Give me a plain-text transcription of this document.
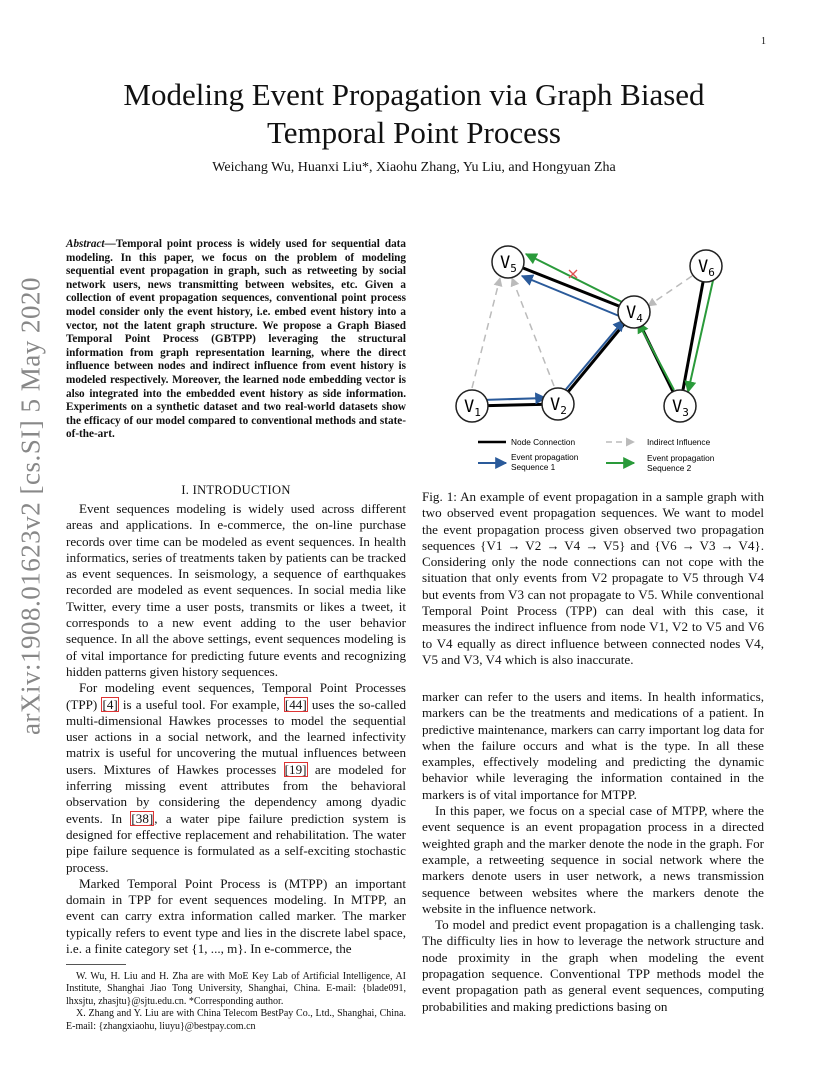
1
arXiv:1908.01623v2 [cs.SI] 5 May 2020
Modeling Event Propagation via Graph Biased
Temporal Point Process
Weichang Wu, Huanxi Liu*, Xiaohu Zhang, Yu Liu, and Hongyuan Zha
Abstract—Temporal point process is widely used for sequential data modeling. In this paper, we focus on the problem of modeling sequential event propagation in graph, such as retweeting by social network users, news transmitting between websites, etc. Given a collection of event propagation sequences, conventional point process model consider only the event history, i.e. embed event history into a vector, not the latent graph structure. We propose a Graph Biased Temporal Point Process (GBTPP) leveraging the structural information from graph representation learning, where the direct influence between nodes and indirect influence from event history is modeled respectively. Moreover, the learned node embedding vector is also integrated into the embedded event history as side information. Experiments on a synthetic dataset and two real-world datasets show the efficacy of our model compared to conventional methods and state-of-the-art.
I. INTRODUCTION

Event sequences modeling is widely used across different areas and applications. In e-commerce, the on-line purchase records over time can be modeled as event sequences. In health informatics, series of treatments taken by patients can be tracked as event sequences. In seismology, a sequence of earthquakes recorded are modeled as event sequences. In social media like Twitter, every time a user posts, transmits or likes a tweet, it corresponds to a new event adding to the user behavior sequence. In all the above settings, event sequences modeling is of vital importance for predicting future events and recognizing hidden patterns given history sequences.

For modeling event sequences, Temporal Point Processes (TPP) [4] is a useful tool. For example, [44] uses the so-called multi-dimensional Hawkes processes to model the sequential user actions in a social network, and the learned infectivity matrix is useful for uncovering the mutual influences between users. Mixtures of Hawkes processes [19] are modeled for inferring missing event attributes from the behavioral observation by considering the dependency among dyadic events. In [38], a water pipe failure prediction system is designed for effective replacement and rehabilitation. The water pipe failure sequence is formulated as a self-exciting stochastic process.

Marked Temporal Point Process is (MTPP) an important domain in TPP for event sequences modeling. In MTPP, an event can carry extra information called marker. The marker typically refers to event type and lies in the discrete label space, i.e. a finite category set {1, ..., m}. In e-commerce, the

W. Wu, H. Liu and H. Zha are with MoE Key Lab of Artificial Intelligence, AI Institute, Shanghai Jiao Tong University, Shanghai, China. E-mail: {blade091, lhxsjtu, zhasjtu}@sjtu.edu.cn. *Corresponding author.

X. Zhang and Y. Liu are with China Telecom BestPay Co., Ltd., Shanghai, China. E-mail: {zhangxiaohu, liuyu}@bestpay.com.cn

$V_1$	$V_2$	$V_3$
$V_4$
$V_5$	$V_6$
Node Connection	Indirect Influence
Event propagation
Sequence 1
Event propagation
Sequence 2
Fig. 1: An example of event propagation in a sample graph with two observed event propagation sequences. We want to model the event propagation process given observed two propagation sequences {V1 → V2 → V4 → V5} and {V6 → V3 → V4}. Considering only the node connections can not cope with the situation that only events from V2 propagate to V5 through V4 but events from V3 can not propagate to V5. While conventional Temporal Point Process (TPP) can deal with this case, it measures the indirect influence from node V1, V2 to V5 and V6 to V4 equally as direct influence between connected nodes V4, V5 and V3, V4 which is also inaccurate.

marker can refer to the users and items. In health informatics, markers can be the treatments and medications of a patient. In predictive maintenance, markers can carry important log data for when the failure occurs and what is the type. In all these examples, effectively modeling and predicting the dynamic behavior while leveraging the information contained in the markers is of vital importance for MTPP.

In this paper, we focus on a special case of MTPP, where the event sequence is an event propagation process in a directed weighted graph and the marker denote the node in the graph. For example, a retweeting sequence in social network where the markers denote users in user network, a news transmission sequence between websites where the markers denote the website in the influence network.

To model and predict event propagation is a challenging task. The difficulty lies in how to leverage the network structure and node proximity in the graph when modeling the event propagation sequence. Conventional TPP methods model the event propagation path as general event sequences, computing probabilities and making predictions basing on
